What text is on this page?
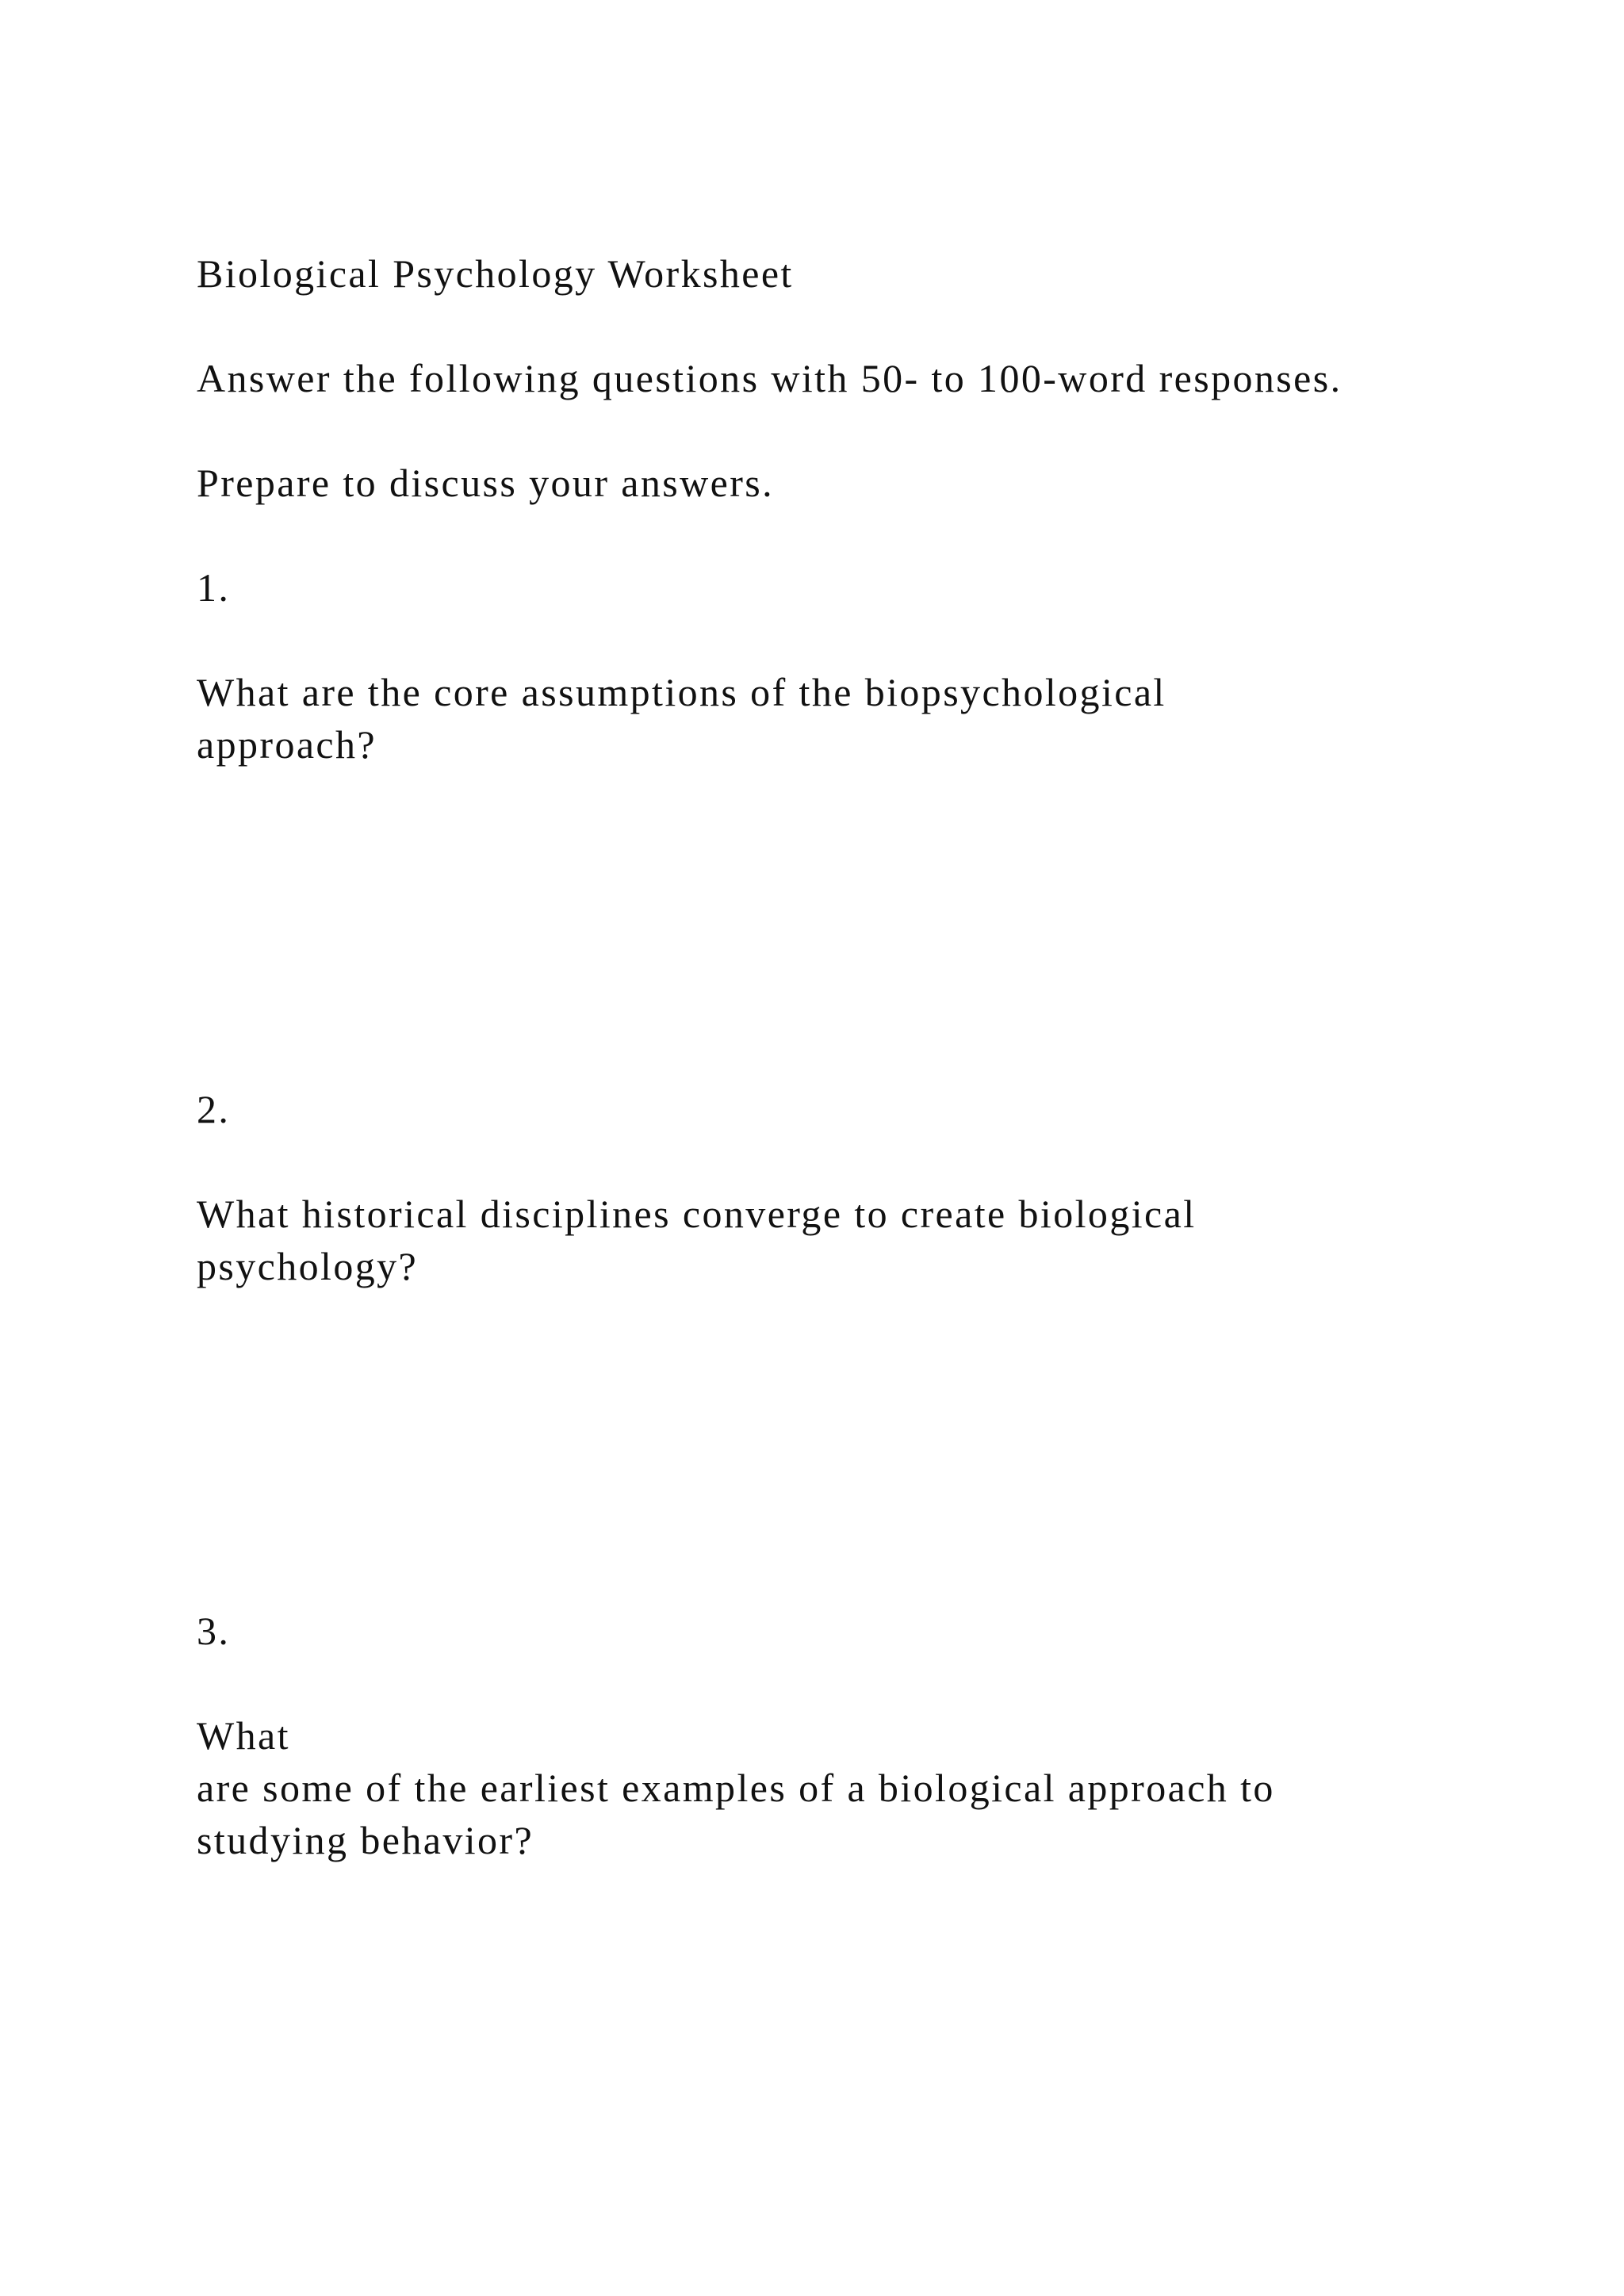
Biological Psychology Worksheet

Answer the following questions with 50- to 100-word responses.

Prepare to discuss your answers.

1.

What are the core assumptions of the biopsychological

approach?

2.

What historical disciplines converge to create biological

psychology?

3.

What

are some of the earliest examples of a biological approach to

studying behavior?
